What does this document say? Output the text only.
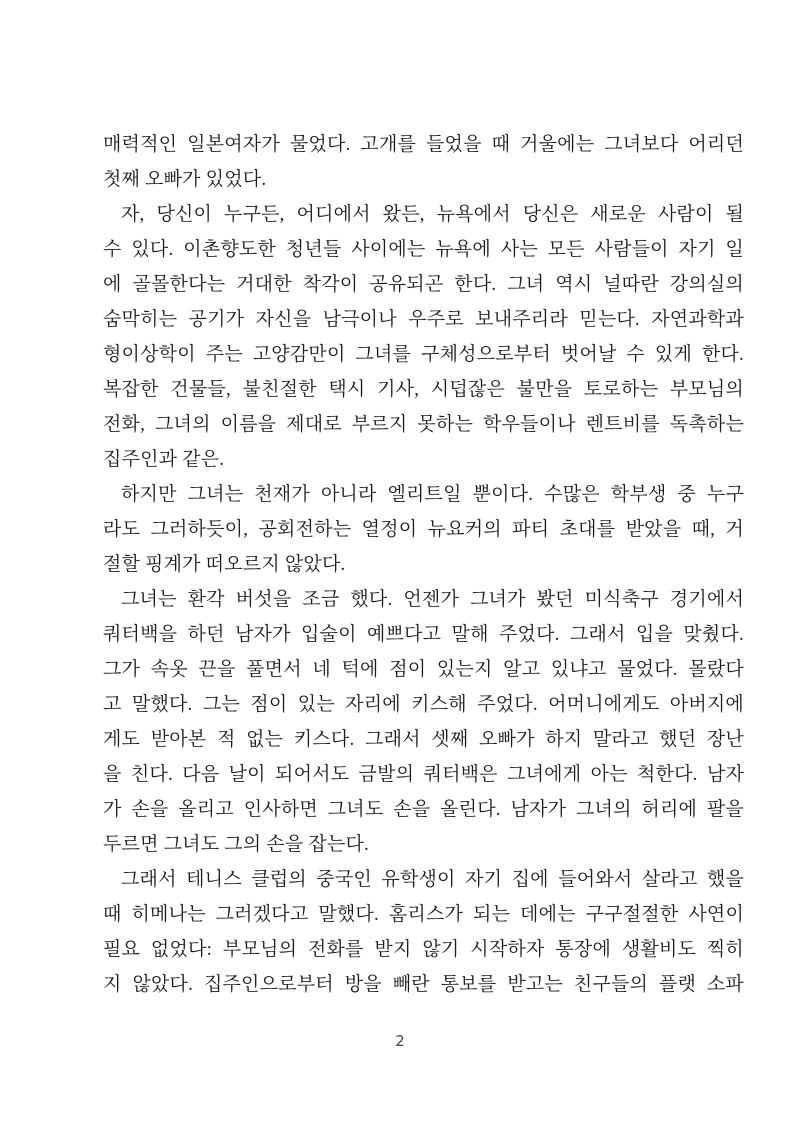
매력적인 일본여자가 물었다. 고개를 들었을 때 거울에는 그녀보다 어리던
첫째 오빠가 있었다.
자, 당신이 누구든, 어디에서 왔든, 뉴욕에서 당신은 새로운 사람이 될
수 있다. 이촌향도한 청년들 사이에는 뉴욕에 사는 모든 사람들이 자기 일
에 골몰한다는 거대한 착각이 공유되곤 한다. 그녀 역시 널따란 강의실의
숨막히는 공기가 자신을 남극이나 우주로 보내주리라 믿는다. 자연과학과
형이상학이 주는 고양감만이 그녀를 구체성으로부터 벗어날 수 있게 한다.
복잡한 건물들, 불친절한 택시 기사, 시덥잖은 불만을 토로하는 부모님의
전화, 그녀의 이름을 제대로 부르지 못하는 학우들이나 렌트비를 독촉하는
집주인과 같은.
하지만 그녀는 천재가 아니라 엘리트일 뿐이다. 수많은 학부생 중 누구
라도 그러하듯이, 공회전하는 열정이 뉴요커의 파티 초대를 받았을 때, 거
절할 핑계가 떠오르지 않았다.
그녀는 환각 버섯을 조금 했다. 언젠가 그녀가 봤던 미식축구 경기에서
쿼터백을 하던 남자가 입술이 예쁘다고 말해 주었다. 그래서 입을 맞췄다.
그가 속옷 끈을 풀면서 네 턱에 점이 있는지 알고 있냐고 물었다. 몰랐다
고 말했다. 그는 점이 있는 자리에 키스해 주었다. 어머니에게도 아버지에
게도 받아본 적 없는 키스다. 그래서 셋째 오빠가 하지 말라고 했던 장난
을 친다. 다음 날이 되어서도 금발의 쿼터백은 그녀에게 아는 척한다. 남자
가 손을 올리고 인사하면 그녀도 손을 올린다. 남자가 그녀의 허리에 팔을
두르면 그녀도 그의 손을 잡는다.
그래서 테니스 클럽의 중국인 유학생이 자기 집에 들어와서 살라고 했을
때 히메나는 그러겠다고 말했다. 홈리스가 되는 데에는 구구절절한 사연이
필요 없었다: 부모님의 전화를 받지 않기 시작하자 통장에 생활비도 찍히
지 않았다. 집주인으로부터 방을 빼란 통보를 받고는 친구들의 플랫 소파
2
